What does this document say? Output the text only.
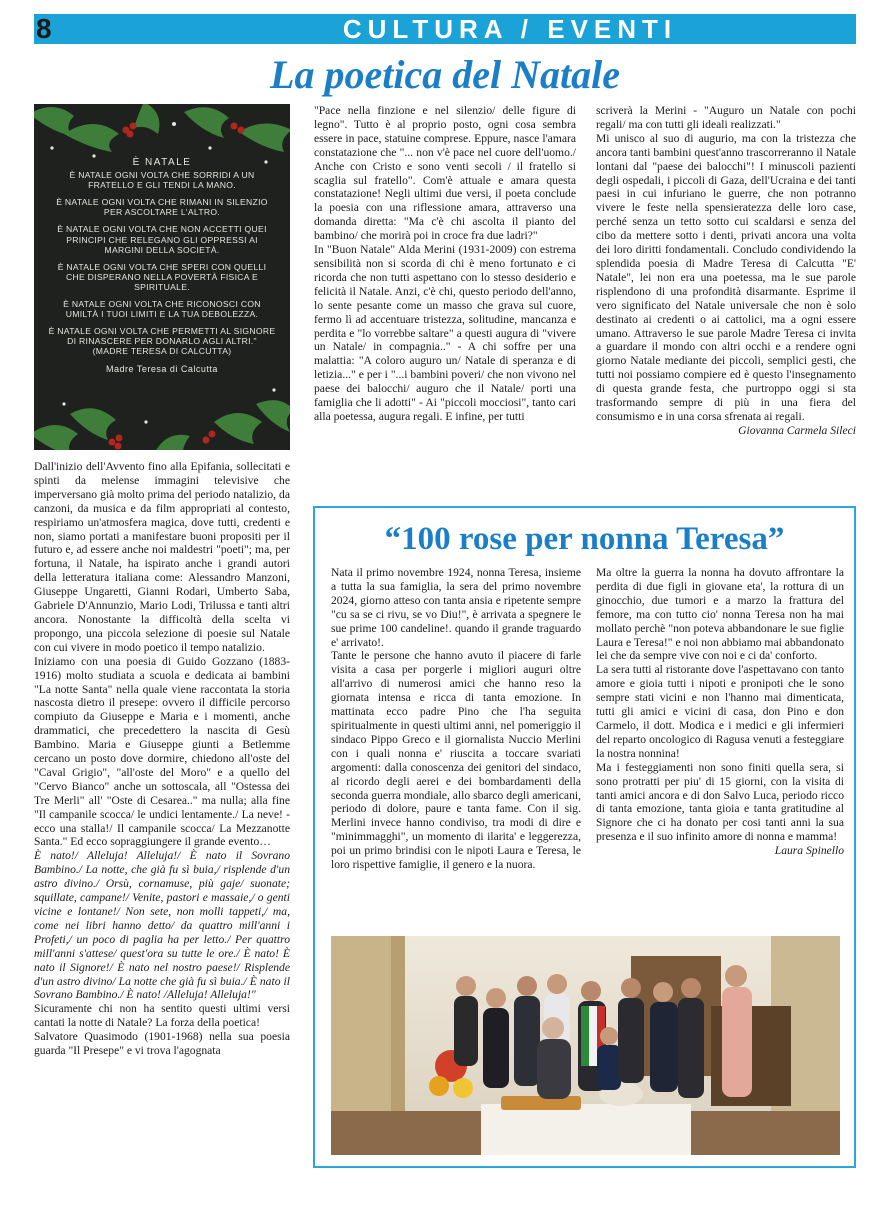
8	CULTURA / EVENTI
La poetica del Natale
È NATALE
È NATALE OGNI VOLTA CHE SORRIDI A UN FRATELLO E GLI TENDI LA MANO.
È NATALE OGNI VOLTA CHE RIMANI IN SILENZIO PER ASCOLTARE L'ALTRO.
È NATALE OGNI VOLTA CHE NON ACCETTI QUEI PRINCIPI CHE RELEGANO GLI OPPRESSI AI MARGINI DELLA SOCIETÀ.
È NATALE OGNI VOLTA CHE SPERI CON QUELLI CHE DISPERANO NELLA POVERTÀ FISICA E SPIRITUALE.
È NATALE OGNI VOLTA CHE RICONOSCI CON UMILTÀ I TUOI LIMITI E LA TUA DEBOLEZZA.
È NATALE OGNI VOLTA CHE PERMETTI AL SIGNORE DI RINASCERE PER DONARLO AGLI ALTRI." (MADRE TERESA DI CALCUTTA)
Madre Teresa di Calcutta

Dall'inizio dell'Avvento fino alla Epifania, sollecitati e spinti da melense immagini televisive che imperversano già molto prima del periodo natalizio, da canzoni, da musica e da film appropriati al contesto, respiriamo un'atmosfera magica, dove tutti, credenti e non, siamo portati a manifestare buoni propositi per il futuro e, ad essere anche noi maldestri "poeti"; ma, per fortuna, il Natale, ha ispirato anche i grandi autori della letteratura italiana come: Alessandro Manzoni, Giuseppe Ungaretti, Gianni Rodari, Umberto Saba, Gabriele D'Annunzio, Mario Lodi, Trilussa e tanti altri ancora. Nonostante la difficoltà della scelta vi propongo, una piccola selezione di poesie sul Natale con cui vivere in modo poetico il tempo natalizio.

Iniziamo con una poesia di Guido Gozzano (1883-1916) molto studiata a scuola e dedicata ai bambini "La notte Santa" nella quale viene raccontata la storia nascosta dietro il presepe: ovvero il difficile percorso compiuto da Giuseppe e Maria e i momenti, anche drammatici, che precedettero la nascita di Gesù Bambino. Maria e Giuseppe giunti a Betlemme cercano un posto dove dormire, chiedono all'oste del "Caval Grigio", "all'oste del Moro" e a quello del "Cervo Bianco" anche un sottoscala, all "Ostessa dei Tre Merli" all' "Oste di Cesarea.." ma nulla; alla fine "Il campanile scocca/ le undici lentamente./ La neve! - ecco una stalla!/ Il campanile scocca/ La Mezzanotte Santa." Ed ecco sopraggiungere il grande evento…

È nato!/ Alleluja! Alleluja!/ È nato il Sovrano Bambino./ La notte, che già fu sì buia,/ risplende d'un astro divino./ Orsù, cornamuse, più gaje/ suonate; squillate, campane!/ Venite, pastori e massaie,/ o genti vicine e lontane!/ Non sete, non molli tappeti,/ ma, come nei libri hanno detto/ da quattro mill'anni i Profeti,/ un poco di paglia ha per letto./ Per quattro mill'anni s'attese/ quest'ora su tutte le ore./ È nato! È nato il Signore!/ È nato nel nostro paese!/ Risplende d'un astro divino/ La notte che già fu sì buia./ È nato il Sovrano Bambino./ È nato! /Alleluja! Alleluja!"

Sicuramente chi non ha sentito questi ultimi versi cantati la notte di Natale? La forza della poetica!

Salvatore Quasimodo (1901-1968) nella sua poesia guarda "Il Presepe" e vi trova l'agognata

"Pace nella finzione e nel silenzio/ delle figure di legno". Tutto è al proprio posto, ogni cosa sembra essere in pace, statuine comprese. Eppure, nasce l'amara constatazione che "... non v'è pace nel cuore dell'uomo./ Anche con Cristo e sono venti secoli / il fratello si scaglia sul fratello". Com'è attuale e amara questa constatazione! Negli ultimi due versi, il poeta conclude la poesia con una riflessione amara, attraverso una domanda diretta: "Ma c'è chi ascolta il pianto del bambino/ che morirà poi in croce fra due ladri?"

In "Buon Natale" Alda Merini (1931-2009) con estrema sensibilità non si scorda di chi è meno fortunato e ci ricorda che non tutti aspettano con lo stesso desiderio e felicità il Natale. Anzi, c'è chi, questo periodo dell'anno, lo sente pesante come un masso che grava sul cuore, fermo lì ad accentuare tristezza, solitudine, mancanza e perdita e "lo vorrebbe saltare" a questi augura di "vivere un Natale/ in compagnia.." - A chi soffre per una malattia: "A coloro auguro un/ Natale di speranza e di letizia..." e per i "...i bambini poveri/ che non vivono nel paese dei balocchi/ auguro che il Natale/ porti una famiglia che li adotti" - Ai "piccoli mocciosi", tanto cari alla poetessa, augura regali. E infine, per tutti

scriverà la Merini - "Auguro un Natale con pochi regali/ ma con tutti gli ideali realizzati."

Mi unisco al suo di augurio, ma con la tristezza che ancora tanti bambini quest'anno trascorreranno il Natale lontani dal "paese dei balocchi"! I minuscoli pazienti degli ospedali, i piccoli di Gaza, dell'Ucraina e dei tanti paesi in cui infuriano le guerre, che non potranno vivere le feste nella spensieratezza delle loro case, perché senza un tetto sotto cui scaldarsi e senza del cibo da mettere sotto i denti, privati ancora una volta dei loro diritti fondamentali. Concludo condividendo la splendida poesia di Madre Teresa di Calcutta "E' Natale", lei non era una poetessa, ma le sue parole risplendono di una profondità disarmante. Esprime il vero significato del Natale universale che non è solo destinato ai credenti o ai cattolici, ma a ogni essere umano. Attraverso le sue parole Madre Teresa ci invita a guardare il mondo con altri occhi e a rendere ogni giorno Natale mediante dei piccoli, semplici gesti, che tutti noi possiamo compiere ed è questo l'insegnamento di questa grande festa, che purtroppo oggi si sta trasformando sempre di più in una fiera del consumismo e in una corsa sfrenata ai regali.

Giovanna Carmela Sileci

“100 rose per nonna Teresa”

Nata il primo novembre 1924, nonna Teresa, insieme a tutta la sua famiglia, la sera del primo novembre 2024, giorno atteso con tanta ansia e ripetente sempre "cu sa se ci rivu, se vo Diu!", è arrivata a spegnere le sue prime 100 candeline!. quando il grande traguardo e' arrivato!.

Tante le persone che hanno avuto il piacere di farle visita a casa per porgerle i migliori auguri oltre all'arrivo di numerosi amici che hanno reso la giornata intensa e ricca di tanta emozione. In mattinata ecco padre Pino che l'ha seguita spiritualmente in questi ultimi anni, nel pomeriggio il sindaco Pippo Greco e il giornalista Nuccio Merlini con i quali nonna e' riuscita a toccare svariati argomenti: dalla conoscenza dei genitori del sindaco, al ricordo degli aerei e dei bombardamenti della seconda guerra mondiale, allo sbarco degli americani, periodo di dolore, paure e tanta fame. Con il sig. Merlini invece hanno condiviso, tra modi di dire e "minimmagghi", un momento di ilarita' e leggerezza, poi un primo brindisi con le nipoti Laura e Teresa, le loro rispettive famiglie, il genero e la nuora.

Ma oltre la guerra la nonna ha dovuto affrontare la perdita di due figli in giovane eta', la rottura di un ginocchio, due tumori e a marzo la frattura del femore, ma con tutto cio' nonna Teresa non ha mai mollato perchè "non poteva abbandonare le sue figlie Laura e Teresa!" e noi non abbiamo mai abbandonato lei che da sempre vive con noi e ci da' conforto.

La sera tutti al ristorante dove l'aspettavano con tanto amore e gioia tutti i nipoti e pronipoti che le sono sempre stati vicini e non l'hanno mai dimenticata, tutti gli amici e vicini di casa, don Pino e don Carmelo, il dott. Modica e i medici e gli infermieri del reparto oncologico di Ragusa venuti a festeggiare la nostra nonnina!

Ma i festeggiamenti non sono finiti quella sera, si sono protratti per piu' di 15 giorni, con la visita di tanti amici ancora e di don Salvo Luca, periodo ricco di tanta emozione, tanta gioia e tanta gratitudine al Signore che ci ha donato per cosi tanti anni la sua presenza e il suo infinito amore di nonna e mamma!

Laura Spinello
